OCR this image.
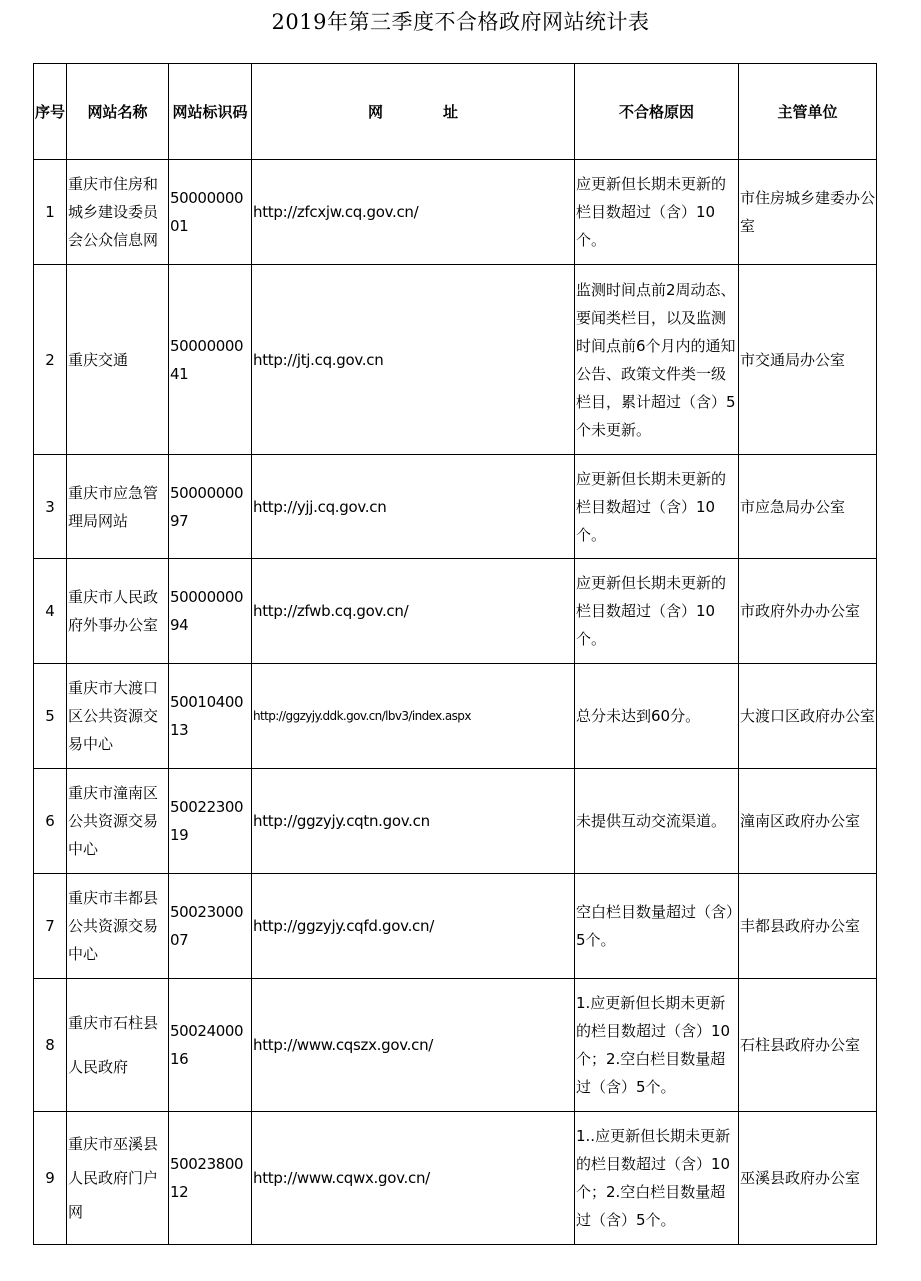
2019年第三季度不合格政府网站统计表
序号	网站名称	网站标识码	网　　　　址	不合格原因	主管单位
1	重庆市住房和城乡建设委员会公众信息网	5000000001	http://zfcxjw.cq.gov.cn/	应更新但长期未更新的栏目数超过（含）10个。	市住房城乡建委办公室
2	重庆交通	5000000041	http://jtj.cq.gov.cn	监测时间点前2周动态、要闻类栏目，以及监测时间点前6个月内的通知公告、政策文件类一级栏目，累计超过（含）5个未更新。	市交通局办公室
3	重庆市应急管理局网站	5000000097	http://yjj.cq.gov.cn	应更新但长期未更新的栏目数超过（含）10个。	市应急局办公室
4	重庆市人民政府外事办公室	5000000094	http://zfwb.cq.gov.cn/	应更新但长期未更新的栏目数超过（含）10个。	市政府外办办公室
5	重庆市大渡口区公共资源交易中心	5001040013	http://ggzyjy.ddk.gov.cn/lbv3/index.aspx	总分未达到60分。	大渡口区政府办公室
6	重庆市潼南区公共资源交易中心	5002230019	http://ggzyjy.cqtn.gov.cn	未提供互动交流渠道。	潼南区政府办公室
7	重庆市丰都县公共资源交易中心	5002300007	http://ggzyjy.cqfd.gov.cn/	空白栏目数量超过（含）5个。	丰都县政府办公室
8	重庆市石柱县人民政府	5002400016	http://www.cqszx.gov.cn/	1.应更新但长期未更新的栏目数超过（含）10个；2.空白栏目数量超过（含）5个。	石柱县政府办公室
9	重庆市巫溪县人民政府门户网	5002380012	http://www.cqwx.gov.cn/	1..应更新但长期未更新的栏目数超过（含）10个；2.空白栏目数量超过（含）5个。	巫溪县政府办公室
